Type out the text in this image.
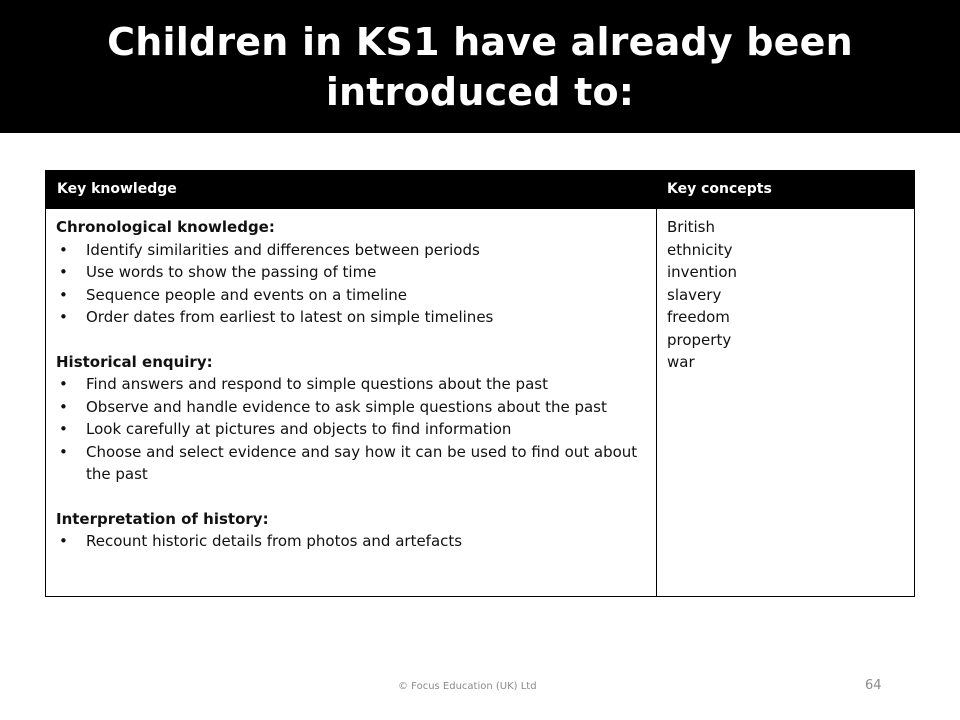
Children in KS1 have already been introduced to:
Key knowledge	Key concepts
Chronological knowledge:
• Identify similarities and differences between periods
• Use words to show the passing of time
• Sequence people and events on a timeline
• Order dates from earliest to latest on simple timelines
Historical enquiry:
• Find answers and respond to simple questions about the past
• Observe and handle evidence to ask simple questions about the past
• Look carefully at pictures and objects to find information
• Choose and select evidence and say how it can be used to find out about the past
Interpretation of history:
• Recount historic details from photos and artefacts
British
ethnicity
invention
slavery
freedom
property
war
© Focus Education (UK) Ltd	64
